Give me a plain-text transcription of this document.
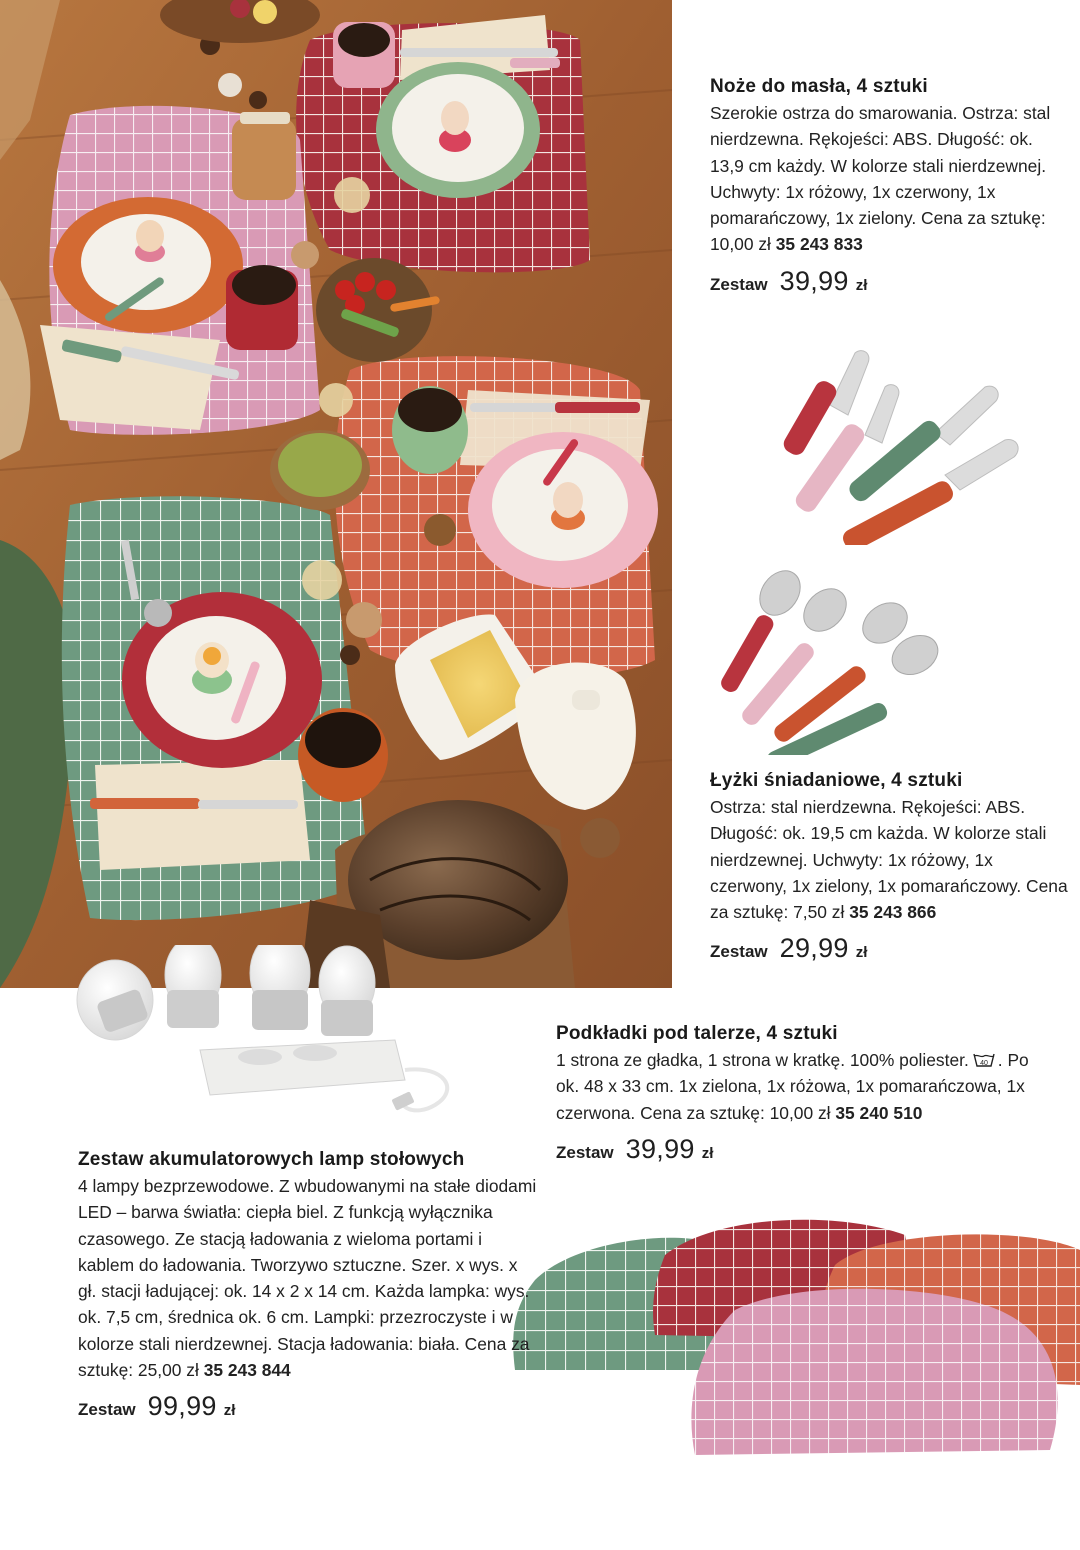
Noże do masła, 4 sztuki
Szerokie ostrza do smarowania. Ostrza: stal nierdzewna. Rękojeści: ABS. Długość: ok. 13,9 cm każdy. W kolorze stali nierdzewnej. Uchwyty: 1x różowy, 1x czerwony, 1x pomarańczowy, 1x zielony. Cena za sztukę: 10,00 zł 35 243 833
Zestaw 39,99 zł
Łyżki śniadaniowe, 4 sztuki
Ostrza: stal nierdzewna. Rękojeści: ABS. Długość: ok. 19,5 cm każda. W kolorze stali nierdzewnej. Uchwyty: 1x różowy, 1x czerwony, 1x zielony, 1x pomarańczowy. Cena za sztukę: 7,50 zł 35 243 866
Zestaw 29,99 zł
Podkładki pod talerze, 4 sztuki
1 strona ze gładka, 1 strona w kratkę. 100% poliester. 40 . Po ok. 48 x 33 cm. 1x zielona, 1x różowa, 1x pomarańczowa, 1x czerwona. Cena za sztukę: 10,00 zł 35 240 510
Zestaw 39,99 zł
Zestaw akumulatorowych lamp stołowych
4 lampy bezprzewodowe. Z wbudowanymi na stałe diodami LED – barwa światła: ciepła biel. Z funkcją wyłącznika czasowego. Ze stacją ładowania z wieloma portami i kablem do ładowania. Tworzywo sztuczne. Szer. x wys. x gł. stacji ładującej: ok. 14 x 2 x 14 cm. Każda lampka: wys. ok. 7,5 cm, średnica ok. 6 cm. Lampki: przezroczyste i w kolorze stali nierdzewnej. Stacja ładowania: biała. Cena za sztukę: 25,00 zł 35 243 844
Zestaw 99,99 zł
